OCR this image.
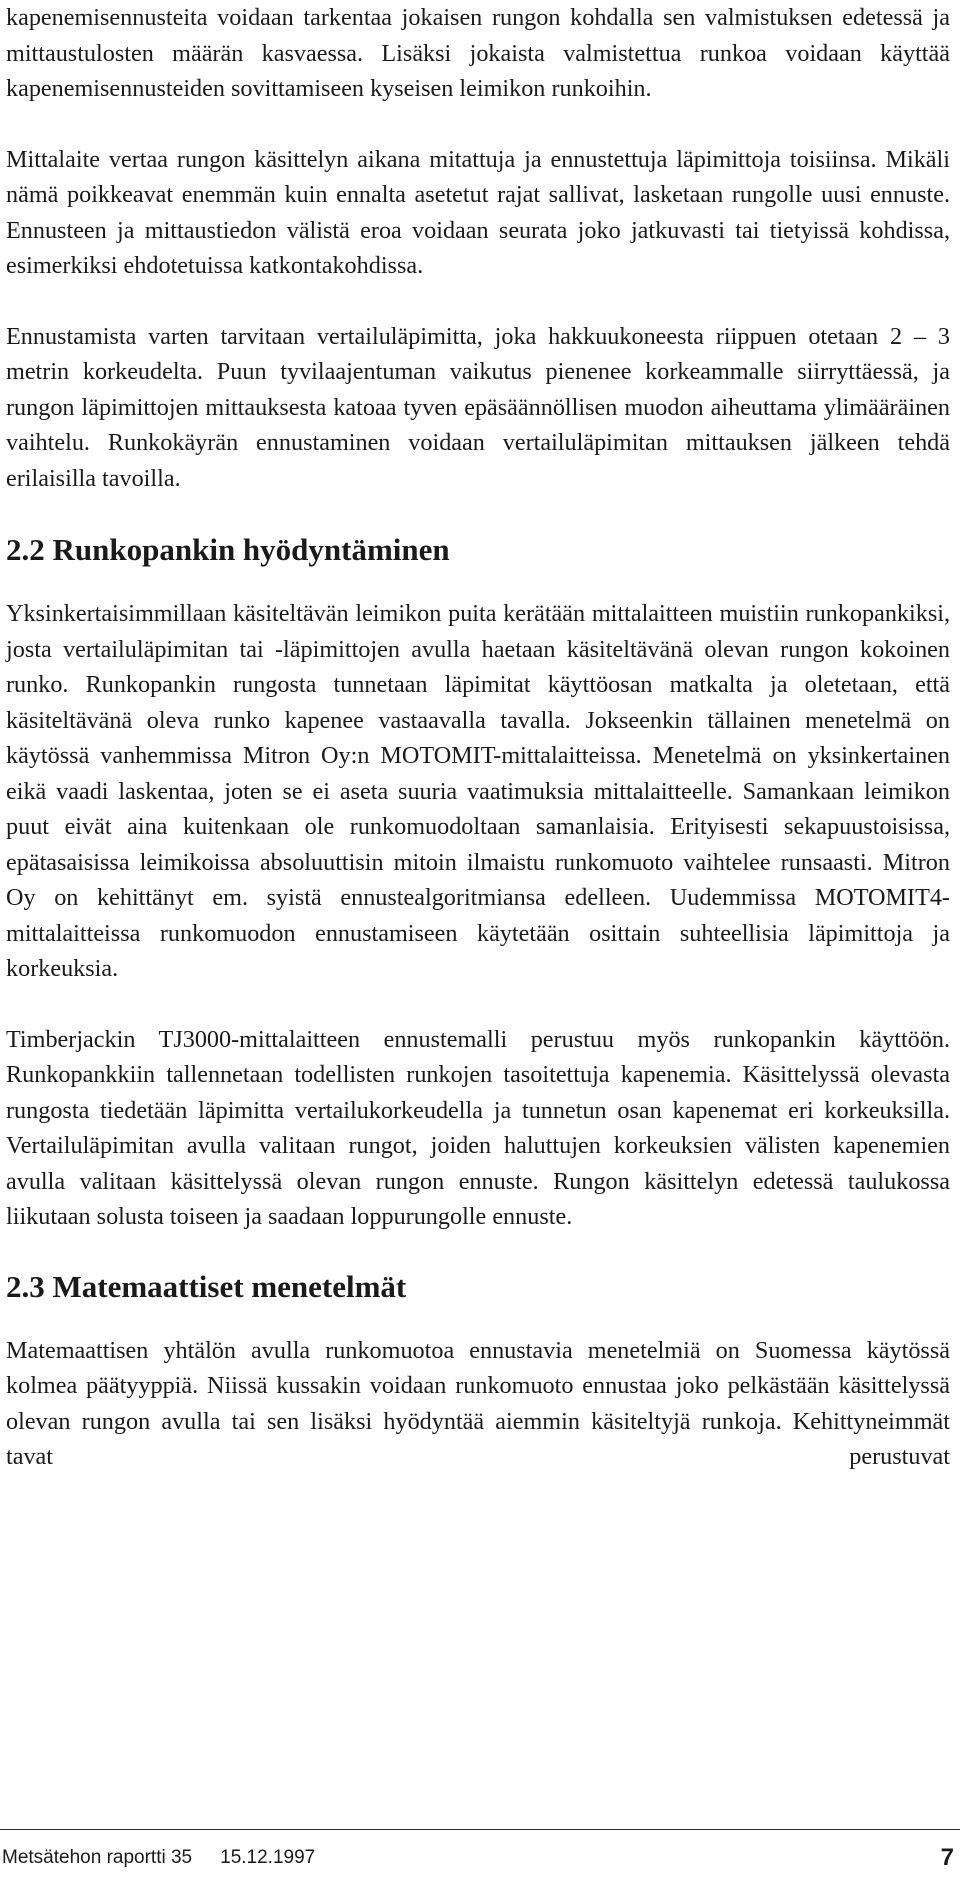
kapenemisennusteita voidaan tarkentaa jokaisen rungon kohdalla sen valmistuksen edetessä ja mittaustulosten määrän kasvaessa. Lisäksi jokaista valmistettua runkoa voidaan käyttää kapenemisennusteiden sovittamiseen kyseisen leimikon runkoihin.

Mittalaite vertaa rungon käsittelyn aikana mitattuja ja ennustettuja läpimittoja toisiinsa. Mikäli nämä poikkeavat enemmän kuin ennalta asetetut rajat sallivat, lasketaan rungolle uusi ennuste. Ennusteen ja mittaustiedon välistä eroa voidaan seurata joko jatkuvasti tai tietyissä kohdissa, esimerkiksi ehdotetuissa katkontakohdissa.

Ennustamista varten tarvitaan vertailuläpimitta, joka hakkuukoneesta riippuen otetaan 2 – 3 metrin korkeudelta. Puun tyvilaajentuman vaikutus pienenee korkeammalle siirryttäessä, ja rungon läpimittojen mittauksesta katoaa tyven epäsäännöllisen muodon aiheuttama ylimääräinen vaihtelu. Runkokäyrän ennustaminen voidaan vertailuläpimitan mittauksen jälkeen tehdä erilaisilla tavoilla.

2.2 Runkopankin hyödyntäminen

Yksinkertaisimmillaan käsiteltävän leimikon puita kerätään mittalaitteen muistiin runkopankiksi, josta vertailuläpimitan tai -läpimittojen avulla haetaan käsiteltävänä olevan rungon kokoinen runko. Runkopankin rungosta tunnetaan läpimitat käyttöosan matkalta ja oletetaan, että käsiteltävänä oleva runko kapenee vastaavalla tavalla. Jokseenkin tällainen menetelmä on käytössä vanhemmissa Mitron Oy:n MOTOMIT-mittalaitteissa. Menetelmä on yksinkertainen eikä vaadi laskentaa, joten se ei aseta suuria vaatimuksia mittalaitteelle. Samankaan leimikon puut eivät aina kuitenkaan ole runkomuodoltaan samanlaisia. Erityisesti sekapuustoisissa, epätasaisissa leimikoissa absoluuttisin mitoin ilmaistu runkomuoto vaihtelee runsaasti. Mitron Oy on kehittänyt em. syistä ennustealgoritmiansa edelleen. Uudemmissa MOTOMIT4-mittalaitteissa runkomuodon ennustamiseen käytetään osittain suhteellisia läpimittoja ja korkeuksia.

Timberjackin TJ3000-mittalaitteen ennustemalli perustuu myös runkopankin käyttöön. Runkopankkiin tallennetaan todellisten runkojen tasoitettuja kapenemia. Käsittelyssä olevasta rungosta tiedetään läpimitta vertailukorkeudella ja tunnetun osan kapenemat eri korkeuksilla. Vertailuläpimitan avulla valitaan rungot, joiden haluttujen korkeuksien välisten kapenemien avulla valitaan käsittelyssä olevan rungon ennuste. Rungon käsittelyn edetessä taulukossa liikutaan solusta toiseen ja saadaan loppurungolle ennuste.

2.3 Matemaattiset menetelmät

Matemaattisen yhtälön avulla runkomuotoa ennustavia menetelmiä on Suomessa käytössä kolmea päätyyppiä. Niissä kussakin voidaan runkomuoto ennustaa joko pelkästään käsittelyssä olevan rungon avulla tai sen lisäksi hyödyntää aiemmin käsiteltyjä runkoja. Kehittyneimmät tavat perustuvat

Metsätehon raportti 35 15.12.1997	7
